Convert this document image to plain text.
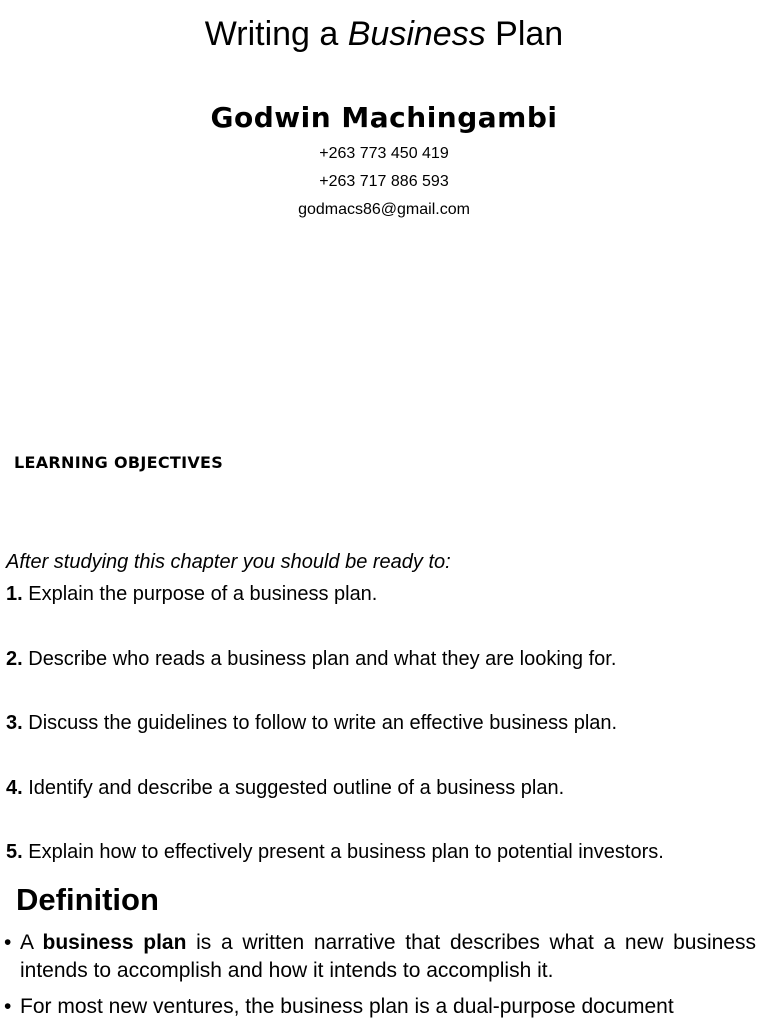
Writing a Business Plan
Godwin Machingambi
+263 773 450 419
+263 717 886 593
godmacs86@gmail.com
LEARNING OBJECTIVES
After studying this chapter you should be ready to:
1. Explain the purpose of a business plan.
2. Describe who reads a business plan and what they are looking for.
3. Discuss the guidelines to follow to write an effective business plan.
4. Identify and describe a suggested outline of a business plan.
5. Explain how to effectively present a business plan to potential investors.
Definition
• A business plan is a written narrative that describes what a new business intends to accomplish and how it intends to accomplish it.
• For most new ventures, the business plan is a dual-purpose document
